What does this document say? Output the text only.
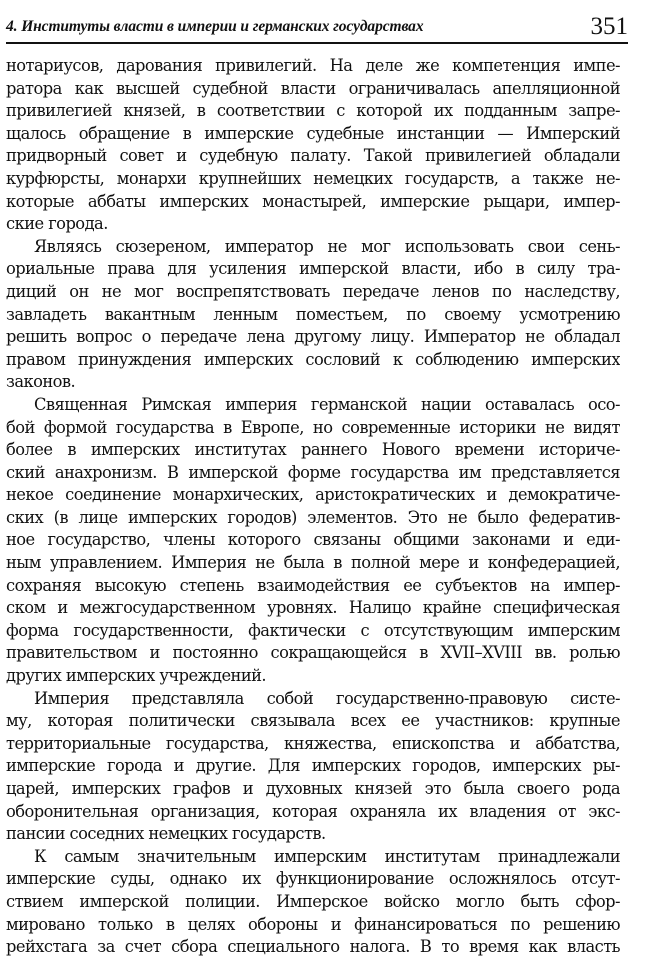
4. Институты власти в империи и германских государствах	351
нотариусов, дарования привилегий. На деле же компетенция импе-
ратора как высшей судебной власти ограничивалась апелляционной
привилегией князей, в соответствии с которой их подданным запре-
щалось обращение в имперские судебные инстанции — Имперский
придворный совет и судебную палату. Такой привилегией обладали
курфюрсты, монархи крупнейших немецких государств, а также не-
которые аббаты имперских монастырей, имперские рыцари, импер-
ские города.
Являясь сюзереном, император не мог использовать свои сень-
ориальные права для усиления имперской власти, ибо в силу тра-
диций он не мог воспрепятствовать передаче ленов по наследству,
завладеть вакантным ленным поместьем, по своему усмотрению
решить вопрос о передаче лена другому лицу. Император не обладал
правом принуждения имперских сословий к соблюдению имперских
законов.
Священная Римская империя германской нации оставалась осо-
бой формой государства в Европе, но современные историки не видят
более в имперских институтах раннего Нового времени историче-
ский анахронизм. В имперской форме государства им представляется
некое соединение монархических, аристократических и демократиче-
ских (в лице имперских городов) элементов. Это не было федератив-
ное государство, члены которого связаны общими законами и еди-
ным управлением. Империя не была в полной мере и конфедерацией,
сохраняя высокую степень взаимодействия ее субъектов на импер-
ском и межгосударственном уровнях. Налицо крайне специфическая
форма государственности, фактически с отсутствующим имперским
правительством и постоянно сокращающейся в XVII–XVIII вв. ролью
других имперских учреждений.
Империя представляла собой государственно-правовую систе-
му, которая политически связывала всех ее участников: крупные
территориальные государства, княжества, епископства и аббатства,
имперские города и другие. Для имперских городов, имперских ры-
царей, имперских графов и духовных князей это была своего рода
оборонительная организация, которая охраняла их владения от экс-
пансии соседних немецких государств.
К самым значительным имперским институтам принадлежали
имперские суды, однако их функционирование осложнялось отсут-
ствием имперской полиции. Имперское войско могло быть сфор-
мировано только в целях обороны и финансироваться по решению
рейхстага за счет сбора специального налога. В то время как власть
